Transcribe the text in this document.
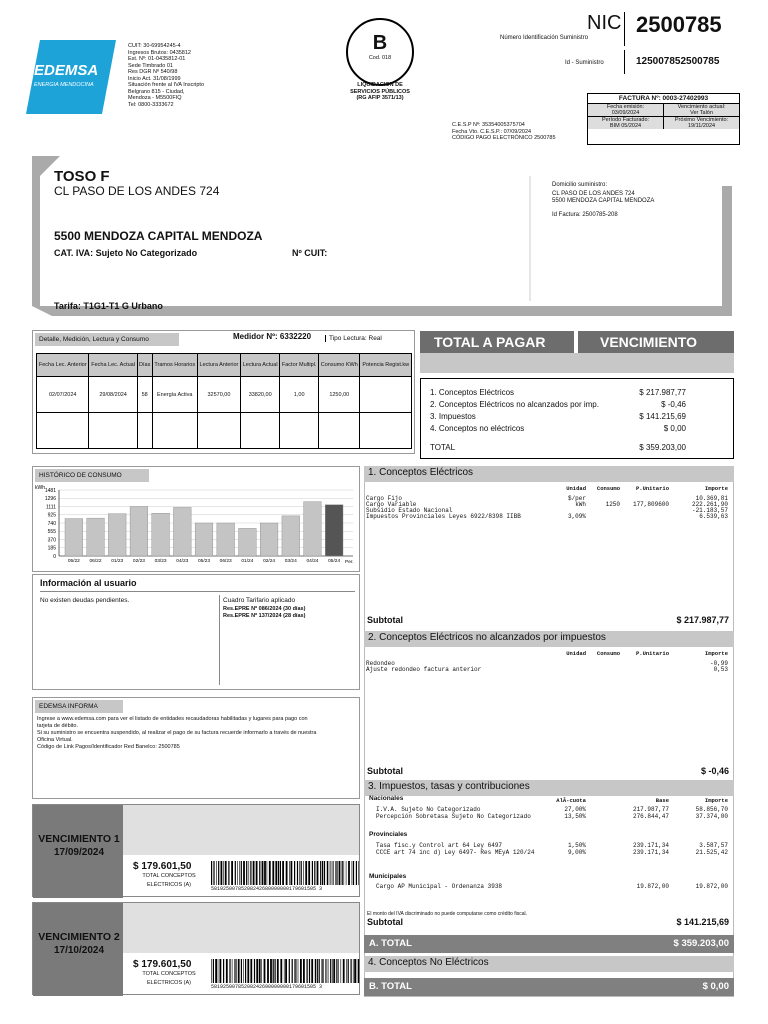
EDEMSA
ENERGIA MENDOCINA
CUIT: 30-69954245-4
Ingresos Brutos: 0435812
Est. Nº: 01-0435812-01
Sede Timbrado 01
Res DGR Nº 540/98
Inicio Act. 31/08/1999
Situación frente al IVA Inscripto
Belgrano 815 - Ciudad,
Mendoza - M5500FIQ
Tel: 0800-3333672
B
Cod. 018
LIQUIDACION DE
SERVICIOS PÚBLICOS
(RG AFIP 3571/13)
NIC 2500785
Número Identificación Suministro
Id - Suministro	125007852500785
C.E.S.P Nº: 35354005375704
Fecha Vto. C.E.S.P.: 07/09/2024
CÓDIGO PAGO ELECTRÓNICO 2500785
FACTURA Nº: 0003-27402993
Fecha emisión:
03/09/2024
Vencimiento actual:
Ver Talón
Período Facturado:
BIM 05/2024
Próximo Vencimiento:
19/11/2024
TOSO F
CL PASO DE LOS ANDES 724
5500 MENDOZA CAPITAL MENDOZA
CAT. IVA: Sujeto No Categorizado	Nº CUIT:
Tarifa: T1G1-T1 G Urbano
Domicilio suministro:
CL PASO DE LOS ANDES 724
5500 MENDOZA CAPITAL MENDOZA
Id Factura: 2500785-208
Detalle, Medición, Lectura y Consumo	Medidor Nº: 6332220	Tipo Lectura: Real
Fecha Lec. Anterior	Fecha Lec. Actual	Días	Tramos Horarios	Lectura Anterior	Lectura Actual	Factor Multipl.	Consumo KWh	Potencia Regist.kw
02/07/2024	29/08/2024	58	Energía Activa	32570,00	33820,00	1,00	1250,00	

TOTAL A PAGAR	VENCIMIENTO
1. Conceptos Eléctricos	$ 217.987,77
2. Conceptos Eléctricos no alcanzados por imp.	$ -0,46
3. Impuestos	$ 141.215,69
4. Conceptos no eléctricos	$ 0,00
TOTAL	$ 359.203,00
HISTÓRICO DE CONSUMO
kWh 1481
1296
1111
925
740
555
370
185
0
05/22 06/22 01/23 02/23 03/23 04/23 05/23 06/23 01/24 02/24 03/24 04/24 05/24 Per.
Información al usuario
No existen deudas pendientes.	Cuadro Tarifario aplicado
Res.EPRE Nº 086/2024 (30 días)
Res.EPRE Nº 137/2024 (28 días)
EDEMSA INFORMA
Ingrese a www.edemsa.com para ver el listado de entidades recaudadoras habilitadas y lugares para pago con
tarjeta de débito.
Si su suministro se encuentra suspendido, al realizar el pago de su factura recuerde informarlo a través de nuestra
Oficina Virtual.
Código de Link Pagos/Identificador Red Banelco: 2500785
VENCIMIENTO 1
17/09/2024
$ 179.601,50
TOTAL CONCEPTOS
ELÉCTRICOS (A)
58192500785208242680000000179601505 3
VENCIMIENTO 2
17/10/2024
$ 179.601,50
TOTAL CONCEPTOS
ELÉCTRICOS (A)
58192500785208242690000000179601505 3
1. Conceptos Eléctricos
Unidad Consumo	P.Unitario	Importe
Cargo Fijo	$/per	10.369,81
Cargo Variable	kWh	1250 177,809600	222.261,90
Subsidio Estado Nacional	-21.183,57
Impuestos Provinciales Leyes 6922/8398 IIBB	3,09%	6.539,63
Subtotal	$ 217.987,77
2. Conceptos Eléctricos no alcanzados por impuestos
Unidad Consumo	P.Unitario	Importe
Redondeo	-0,99
Ajuste redondeo factura anterior	0,53
Subtotal	$ -0,46
3. Impuestos, tasas y contribuciones
Nacionales	AlÃ-cuota	Base	Importe
I.V.A. Sujeto No Categorizado	27,00%	217.987,77	58.856,70
Percepción Sobretasa Sujeto No Categorizado	13,50%	276.844,47	37.374,00
Provinciales
Tasa fisc.y Control art 64 Ley 6497	1,50%	239.171,34	3.587,57
CCCE art 74 inc d) Ley 6497- Res MEyA 120/24	9,00%	239.171,34	21.525,42
Municipales
Cargo AP Municipal - Ordenanza 3938	19.872,00	19.872,00
El monto del IVA discriminado no puede computarse como crédito fiscal.
Subtotal	$ 141.215,69
A. TOTAL	$ 359.203,00
4. Conceptos No Eléctricos
B. TOTAL	$ 0,00
